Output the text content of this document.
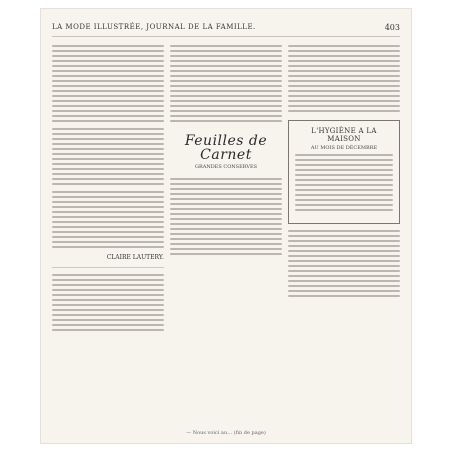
LA MODE ILLUSTRÉE, JOURNAL DE LA FAMILLE.	403
CLAIRE LAUTERY.
Feuilles de Carnet
GRANDES CONSERVES
L'HYGIÈNE A LA MAISON
AU MOIS DE DÉCEMBRE
— Nous voici au… (fin de page)
